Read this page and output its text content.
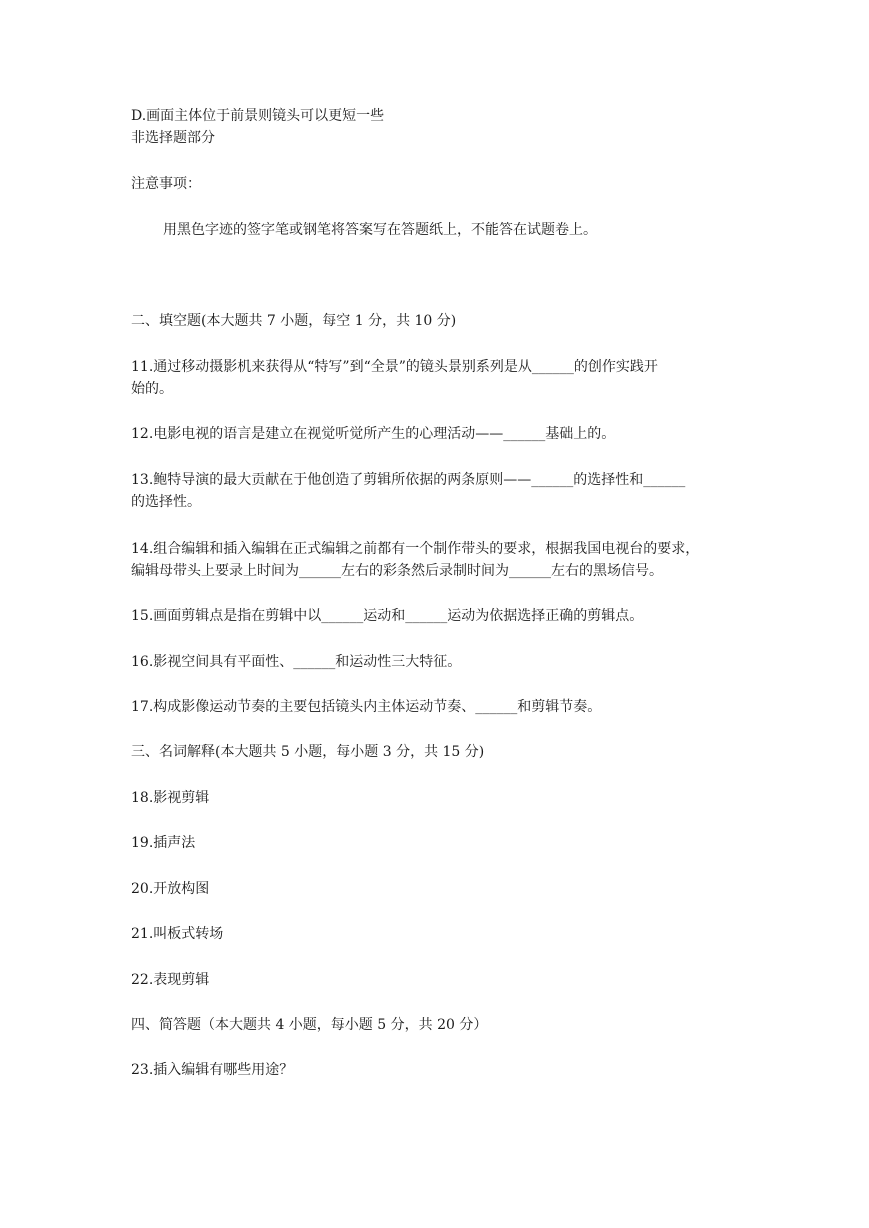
D.画面主体位于前景则镜头可以更短一些
非选择题部分
注意事项：
用黑色字迹的签字笔或钢笔将答案写在答题纸上，不能答在试题卷上。
二、填空题(本大题共 7 小题，每空 1 分，共 10 分)
11.通过移动摄影机来获得从“特写”到“全景”的镜头景别系列是从______的创作实践开
始的。
12.电影电视的语言是建立在视觉听觉所产生的心理活动——______基础上的。
13.鲍特导演的最大贡献在于他创造了剪辑所依据的两条原则——______的选择性和______
的选择性。
14.组合编辑和插入编辑在正式编辑之前都有一个制作带头的要求，根据我国电视台的要求，
编辑母带头上要录上时间为______左右的彩条然后录制时间为______左右的黑场信号。
15.画面剪辑点是指在剪辑中以______运动和______运动为依据选择正确的剪辑点。
16.影视空间具有平面性、______和运动性三大特征。
17.构成影像运动节奏的主要包括镜头内主体运动节奏、______和剪辑节奏。
三、名词解释(本大题共 5 小题，每小题 3 分，共 15 分)
18.影视剪辑
19.插声法
20.开放构图
21.叫板式转场
22.表现剪辑
四、简答题（本大题共 4 小题，每小题 5 分，共 20 分）
23.插入编辑有哪些用途？
